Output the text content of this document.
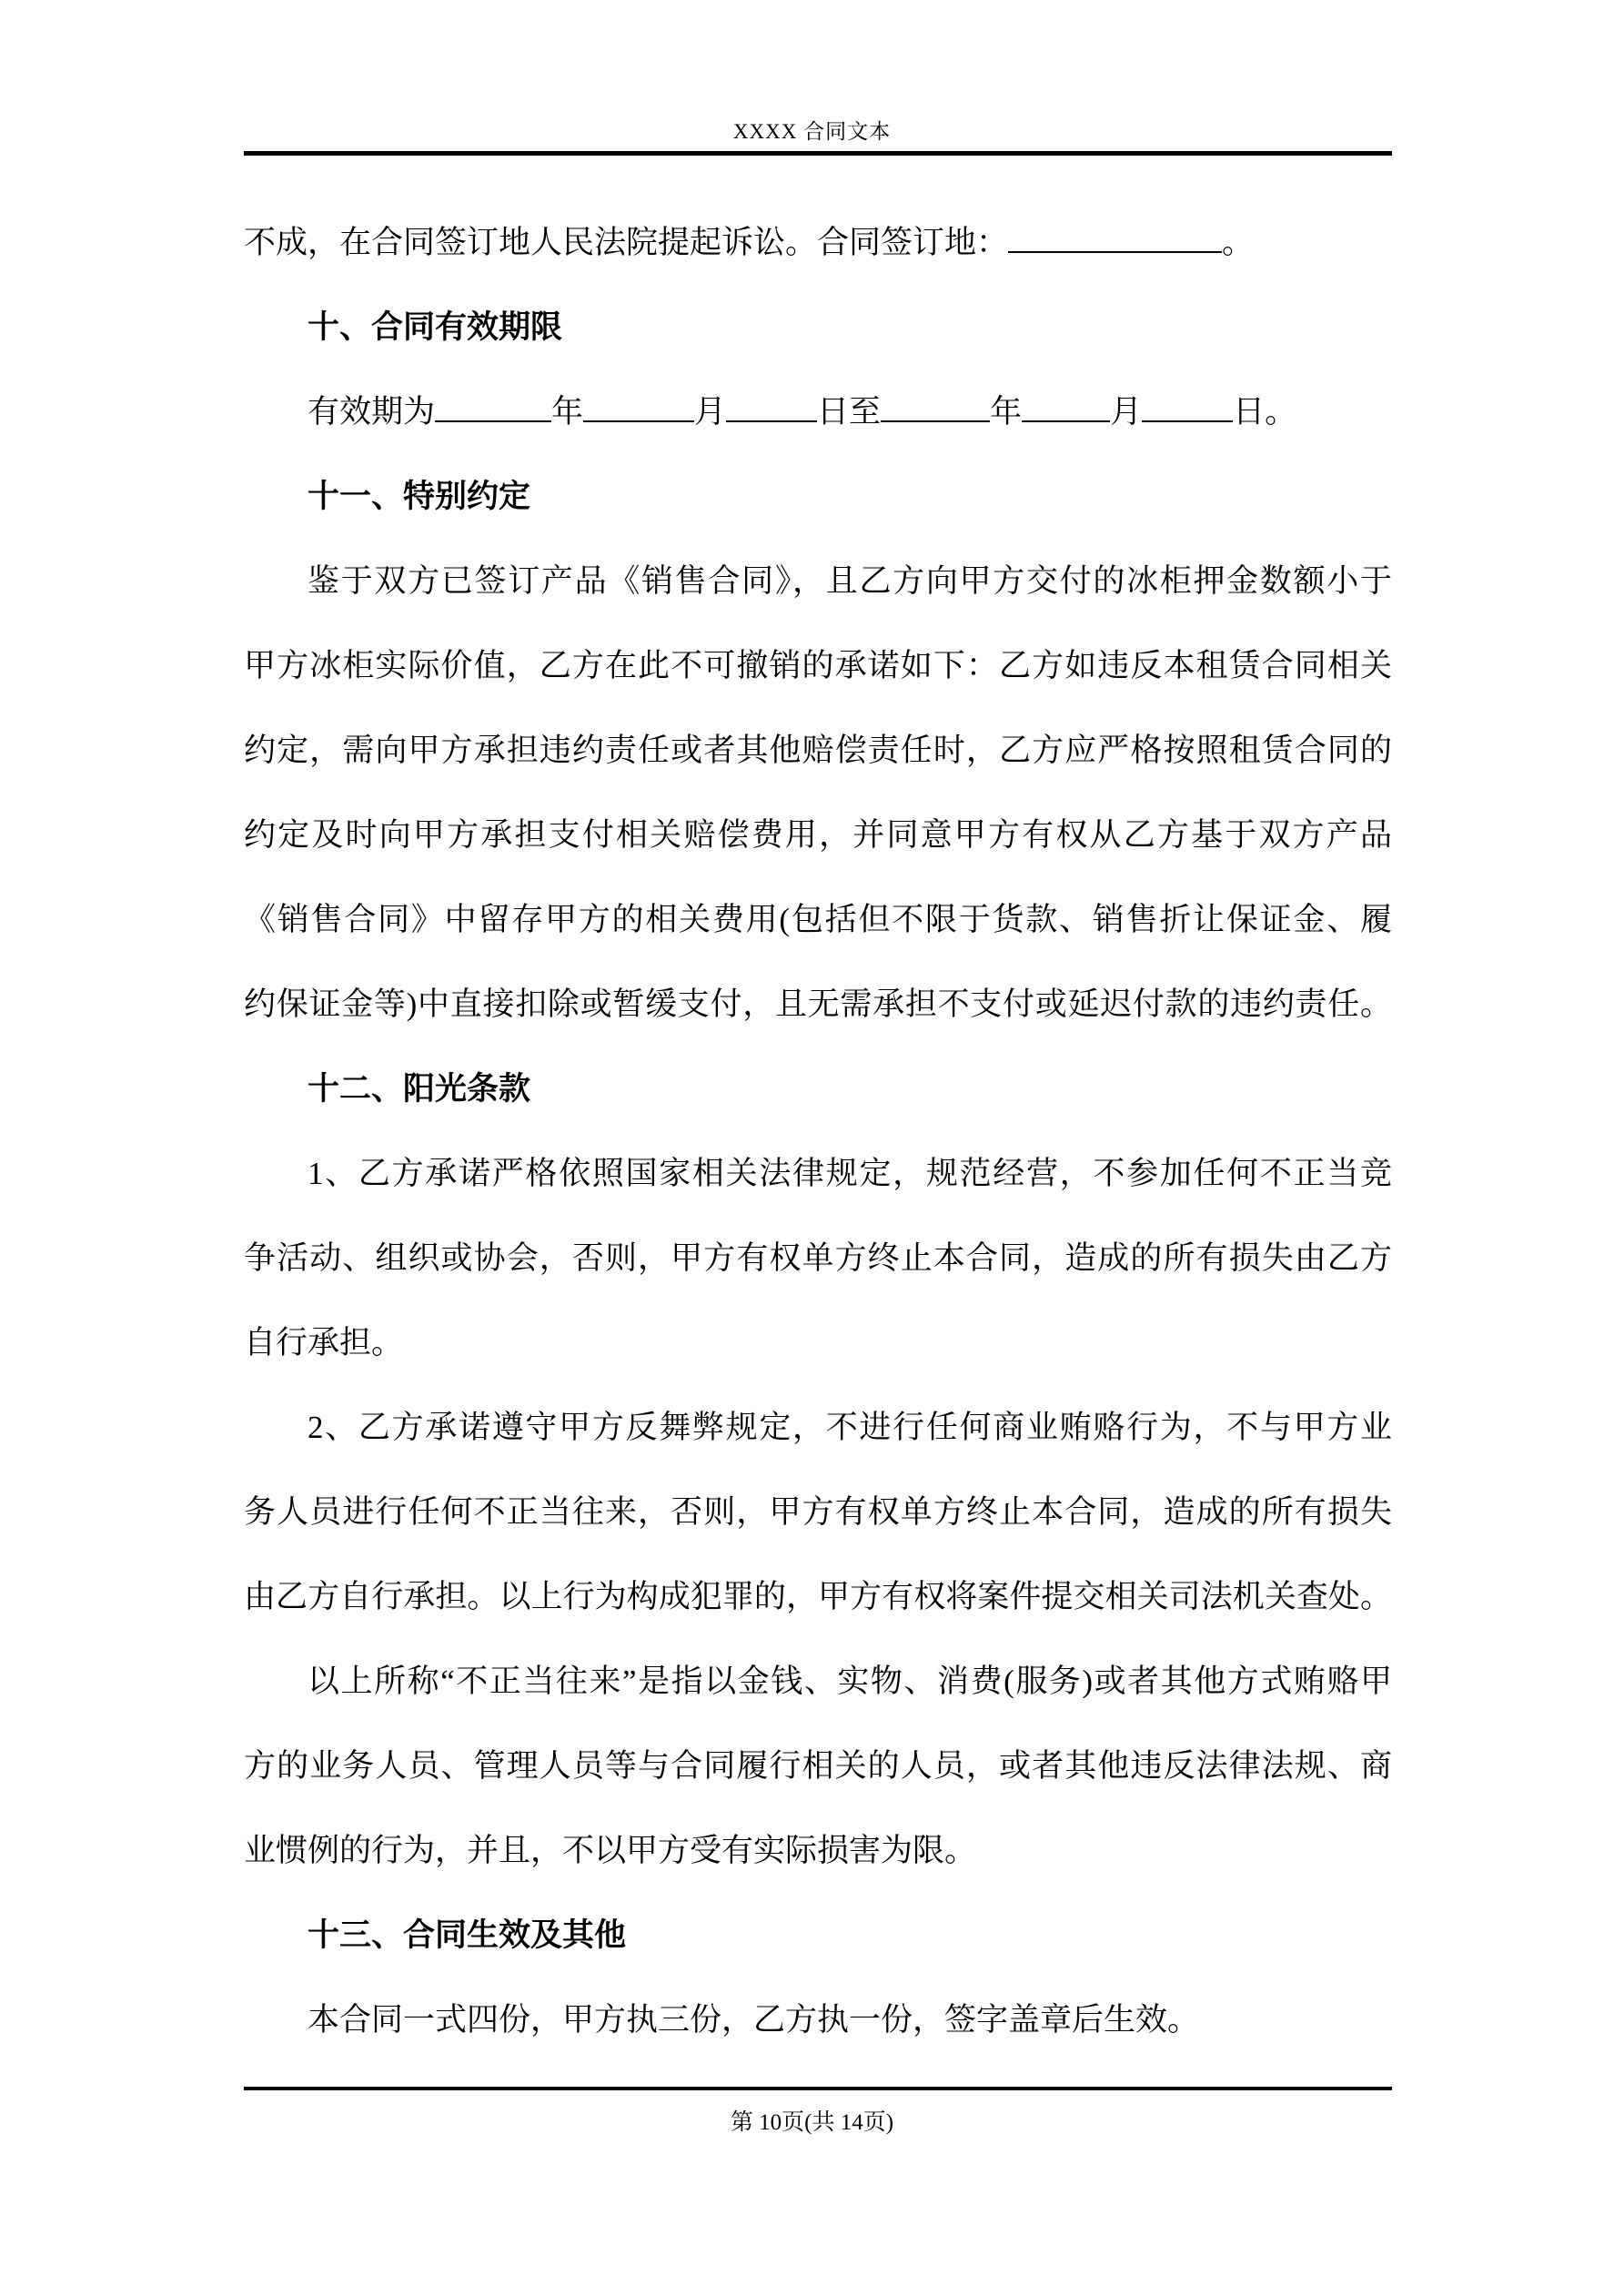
XXXX 合同文本
不成，在合同签订地人民法院提起诉讼。合同签订地：	。
十、合同有效期限
有效期为	年	月	日至	年	月	日。
十一、特别约定
鉴于双方已签订产品《销售合同》，且乙方向甲方交付的冰柜押金数额小于
甲方冰柜实际价值，乙方在此不可撤销的承诺如下：乙方如违反本租赁合同相关
约定，需向甲方承担违约责任或者其他赔偿责任时，乙方应严格按照租赁合同的
约定及时向甲方承担支付相关赔偿费用，并同意甲方有权从乙方基于双方产品
《销售合同》中留存甲方的相关费用(包括但不限于货款、销售折让保证金、履
约保证金等)中直接扣除或暂缓支付，且无需承担不支付或延迟付款的违约责任。
十二、阳光条款
1、乙方承诺严格依照国家相关法律规定，规范经营，不参加任何不正当竞
争活动、组织或协会，否则，甲方有权单方终止本合同，造成的所有损失由乙方
自行承担。
2、乙方承诺遵守甲方反舞弊规定，不进行任何商业贿赂行为，不与甲方业
务人员进行任何不正当往来，否则，甲方有权单方终止本合同，造成的所有损失
由乙方自行承担。以上行为构成犯罪的，甲方有权将案件提交相关司法机关查处。
以上所称“不正当往来”是指以金钱、实物、消费(服务)或者其他方式贿赂甲
方的业务人员、管理人员等与合同履行相关的人员，或者其他违反法律法规、商
业惯例的行为，并且，不以甲方受有实际损害为限。
十三、合同生效及其他
本合同一式四份，甲方执三份，乙方执一份，签字盖章后生效。
第 10页(共 14页)
